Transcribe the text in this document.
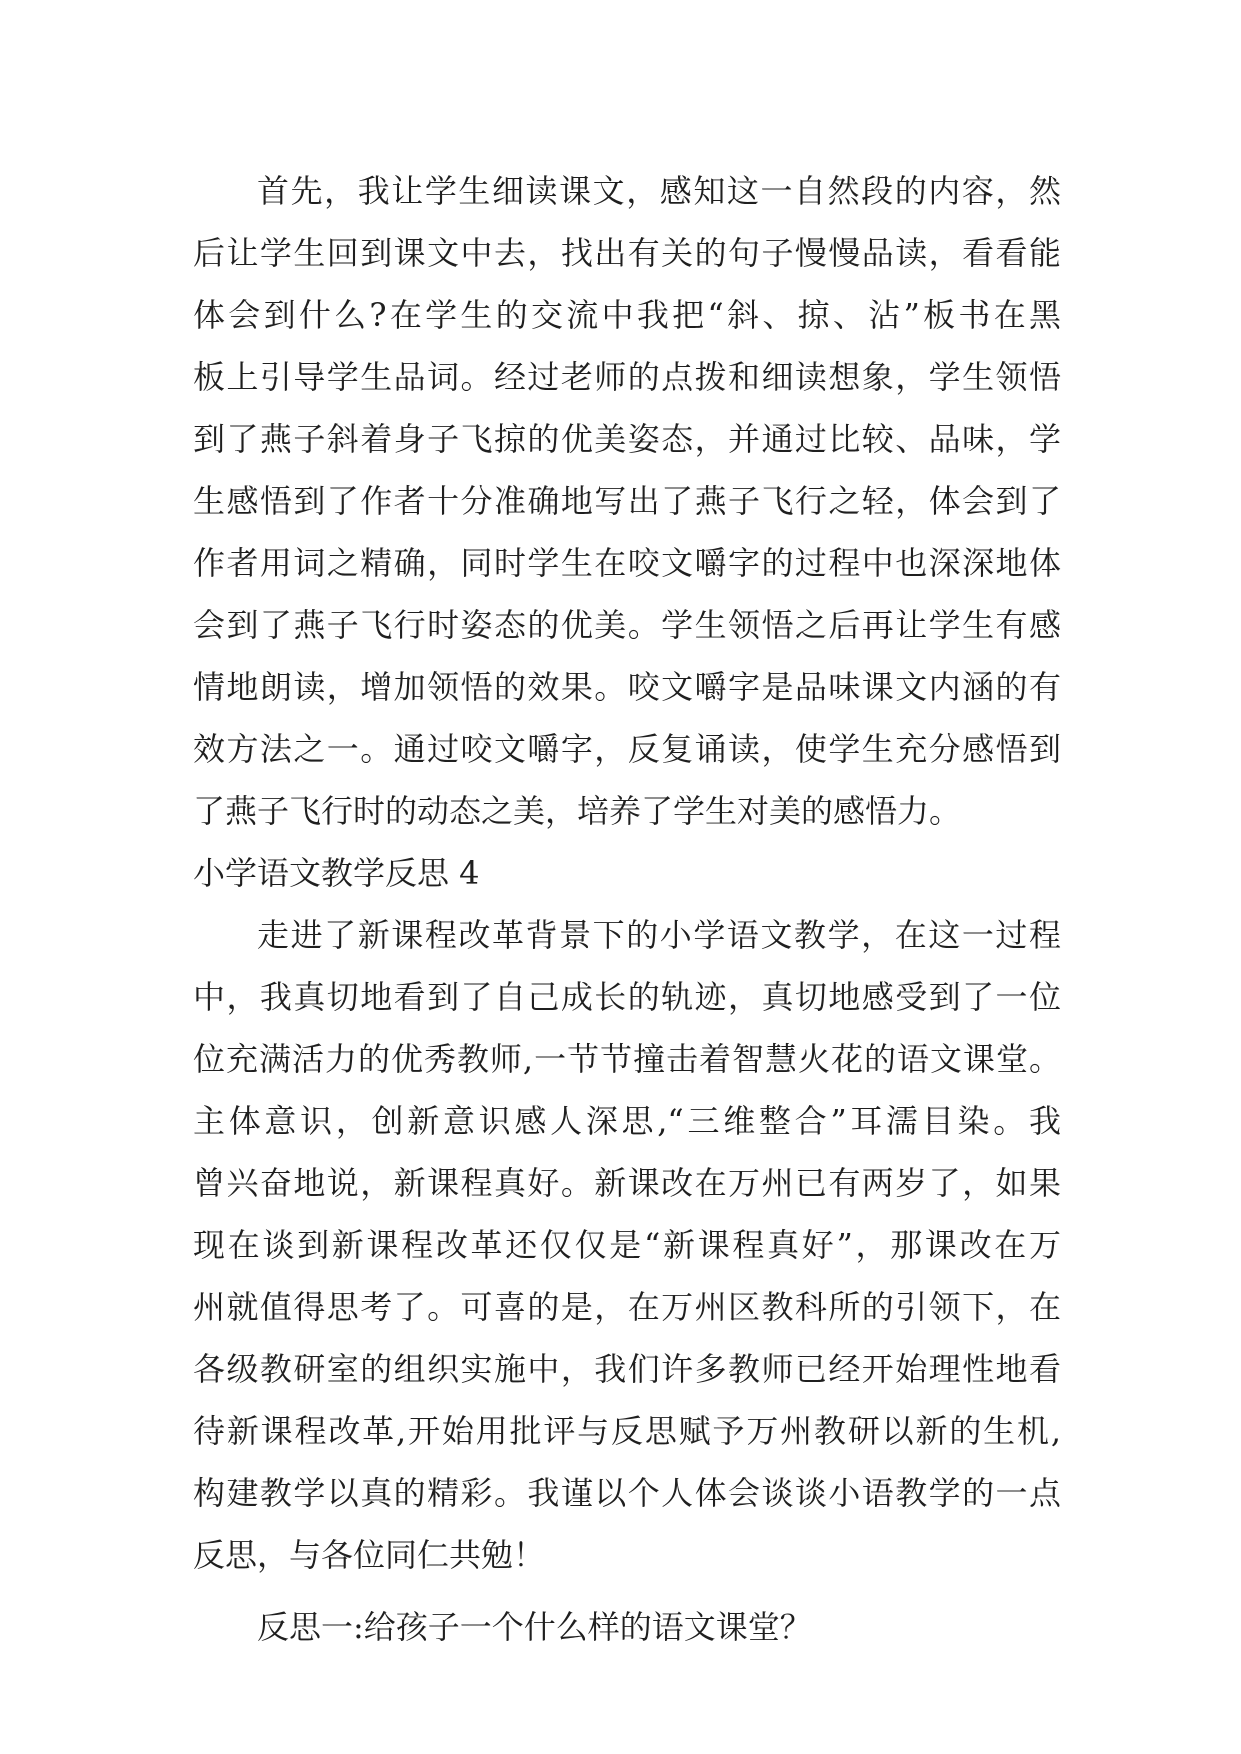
首先，我让学生细读课文，感知这一自然段的内容，然
后让学生回到课文中去，找出有关的句子慢慢品读，看看能
体会到什么?在学生的交流中我把“斜、掠、沾”板书在黑
板上引导学生品词。经过老师的点拨和细读想象，学生领悟
到了燕子斜着身子飞掠的优美姿态，并通过比较、品味，学
生感悟到了作者十分准确地写出了燕子飞行之轻，体会到了
作者用词之精确，同时学生在咬文嚼字的过程中也深深地体
会到了燕子飞行时姿态的优美。学生领悟之后再让学生有感
情地朗读，增加领悟的效果。咬文嚼字是品味课文内涵的有
效方法之一。通过咬文嚼字，反复诵读，使学生充分感悟到
了燕子飞行时的动态之美，培养了学生对美的感悟力。
小学语文教学反思 4
走进了新课程改革背景下的小学语文教学，在这一过程
中，我真切地看到了自己成长的轨迹，真切地感受到了一位
位充满活力的优秀教师,一节节撞击着智慧火花的语文课堂。
主体意识，创新意识感人深思,“三维整合”耳濡目染。我
曾兴奋地说，新课程真好。新课改在万州已有两岁了，如果
现在谈到新课程改革还仅仅是“新课程真好”，那课改在万
州就值得思考了。可喜的是，在万州区教科所的引领下，在
各级教研室的组织实施中，我们许多教师已经开始理性地看
待新课程改革,开始用批评与反思赋予万州教研以新的生机,
构建教学以真的精彩。我谨以个人体会谈谈小语教学的一点
反思，与各位同仁共勉！
反思一:给孩子一个什么样的语文课堂？
